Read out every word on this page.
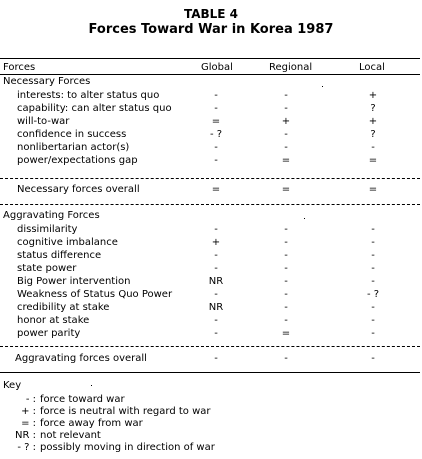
TABLE 4
Forces Toward War in Korea 1987
Forces	Global	Regional	Local
Necessary Forces
interests: to alter status quo	-	-	+
capability: can alter status quo	-	-	?
will-to-war	=	+	+
confidence in success	- ?	-	?
nonlibertarian actor(s)	-	-	-
power/expectations gap	-	=	=
Necessary forces overall	=	=	=
Aggravating Forces
dissimilarity	-	-	-
cognitive imbalance	+	-	-
status difference	-	-	-
state power	-	-	-
Big Power intervention	NR	-	-
Weakness of Status Quo Power	-	-	- ?
credibility at stake	NR	-	-
honor at stake	-	-	-
power parity	-	=	-
Aggravating forces overall	-	-	-
Key
- : force toward war
+ : force is neutral with regard to war
= : force away from war
NR : not relevant
- ? : possibly moving in direction of war
